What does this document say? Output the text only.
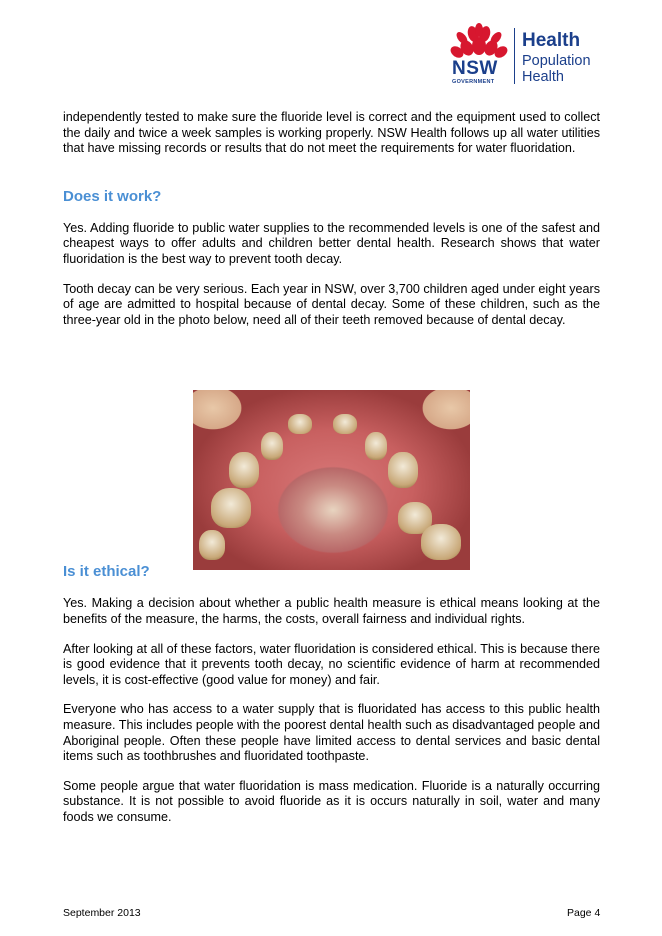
NSW
GOVERNMENT
Health
Population
Health

independently tested to make sure the fluoride level is correct and the equipment used to collect the daily and twice a week samples is working properly. NSW Health follows up all water utilities that have missing records or results that do not meet the requirements for water fluoridation.

Does it work?

Yes. Adding fluoride to public water supplies to the recommended levels is one of the safest and cheapest ways to offer adults and children better dental health. Research shows that water fluoridation is the best way to prevent tooth decay.

Tooth decay can be very serious. Each year in NSW, over 3,700 children aged under eight years of age are admitted to hospital because of dental decay. Some of these children, such as the three-year old in the photo below, need all of their teeth removed because of dental decay.

Is it ethical?

Yes. Making a decision about whether a public health measure is ethical means looking at the benefits of the measure, the harms, the costs, overall fairness and individual rights.

After looking at all of these factors, water fluoridation is considered ethical. This is because there is good evidence that it prevents tooth decay, no scientific evidence of harm at recommended levels, it is cost-effective (good value for money) and fair.

Everyone who has access to a water supply that is fluoridated has access to this public health measure. This includes people with the poorest dental health such as disadvantaged people and Aboriginal people. Often these people have limited access to dental services and basic dental items such as toothbrushes and fluoridated toothpaste.

Some people argue that water fluoridation is mass medication. Fluoride is a naturally occurring substance. It is not possible to avoid fluoride as it is occurs naturally in soil, water and many foods we consume.

September 2013	Page 4
